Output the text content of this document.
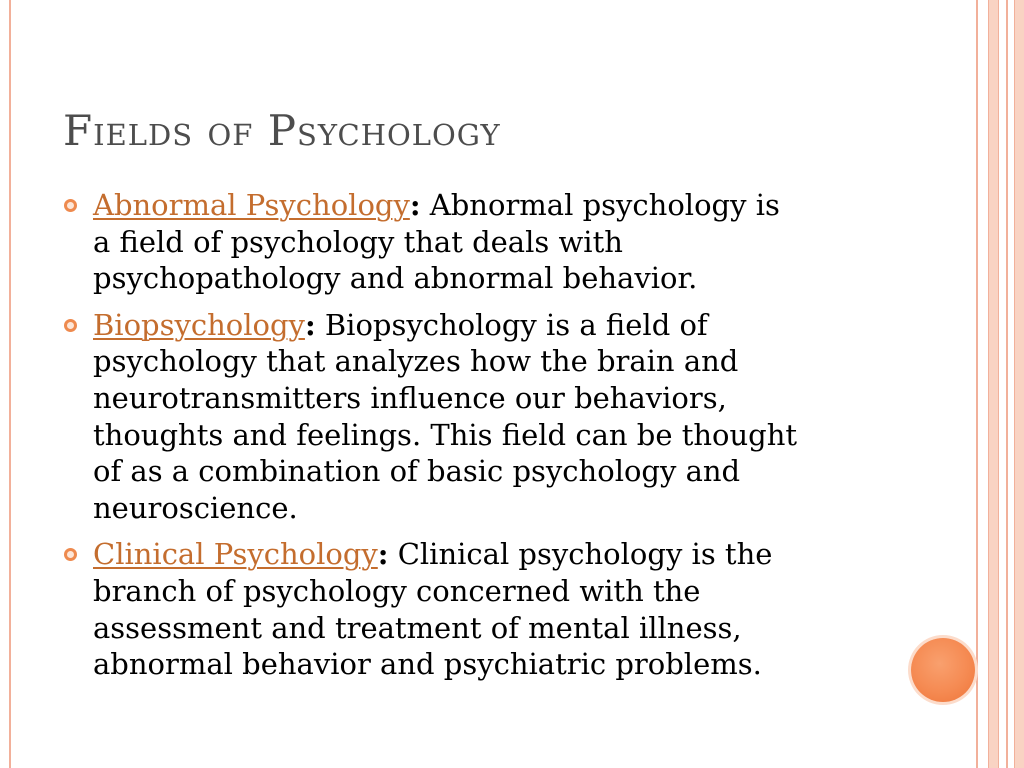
Fields of Psychology
Abnormal Psychology: Abnormal psychology is
a field of psychology that deals with
psychopathology and abnormal behavior.
Biopsychology: Biopsychology is a field of
psychology that analyzes how the brain and
neurotransmitters influence our behaviors,
thoughts and feelings. This field can be thought
of as a combination of basic psychology and
neuroscience.
Clinical Psychology: Clinical psychology is the
branch of psychology concerned with the
assessment and treatment of mental illness,
abnormal behavior and psychiatric problems.
